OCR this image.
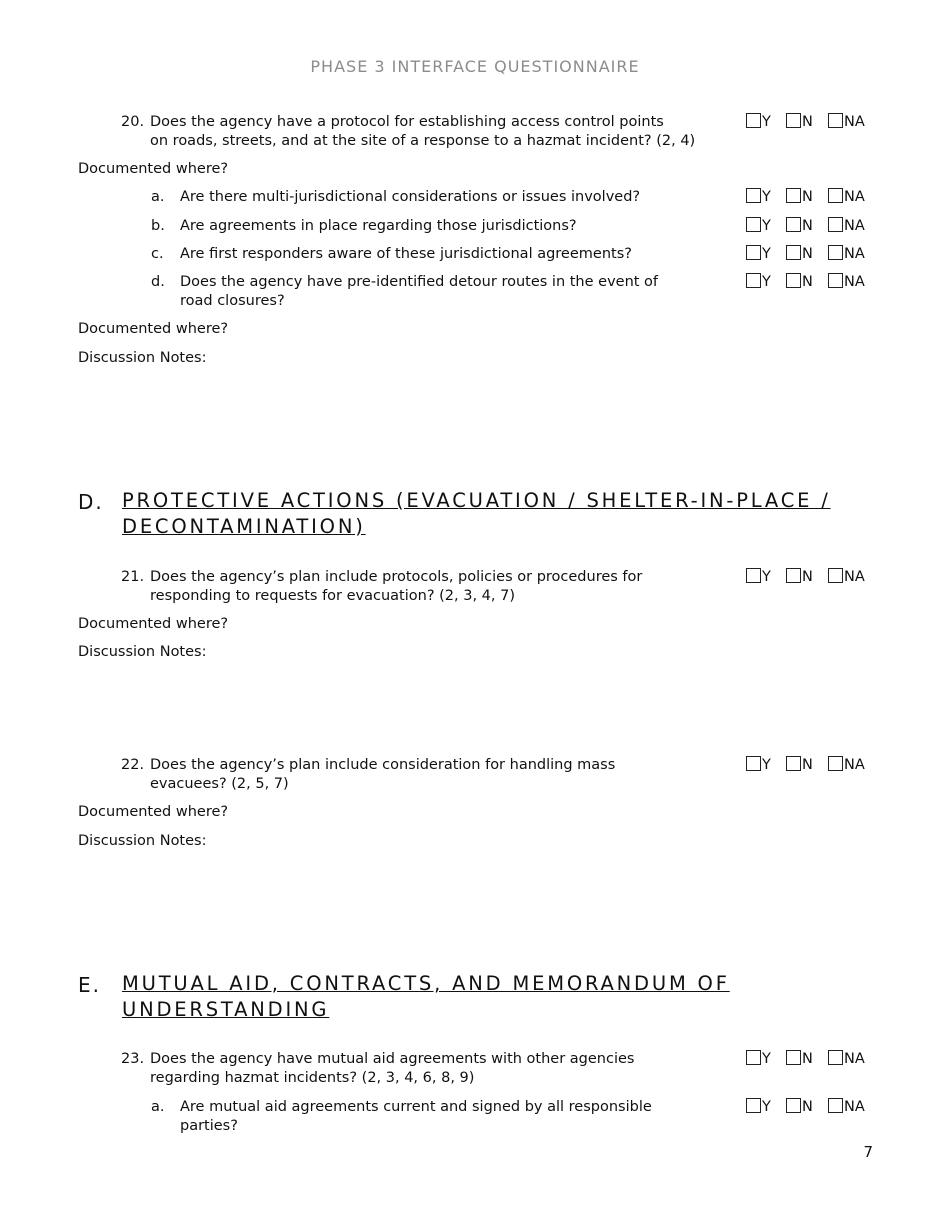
PHASE 3 INTERFACE QUESTIONNAIRE
20. Does the agency have a protocol for establishing access control points
on roads, streets, and at the site of a response to a hazmat incident? (2, 4)
Y	N	NA
Documented where?
a. Are there multi-jurisdictional considerations or issues involved?	Y	N	NA
b. Are agreements in place regarding those jurisdictions?	Y	N	NA
c. Are first responders aware of these jurisdictional agreements?	Y	N	NA
d. Does the agency have pre-identified detour routes in the event of
road closures?
Y	N	NA
Documented where?
Discussion Notes:
D. PROTECTIVE ACTIONS (EVACUATION / SHELTER-IN-PLACE /
DECONTAMINATION)
21. Does the agency’s plan include protocols, policies or procedures for
responding to requests for evacuation? (2, 3, 4, 7)
Y	N	NA
Documented where?
Discussion Notes:
22. Does the agency’s plan include consideration for handling mass
evacuees? (2, 5, 7)
Y	N	NA
Documented where?
Discussion Notes:
E. MUTUAL AID, CONTRACTS, AND MEMORANDUM OF
UNDERSTANDING
23. Does the agency have mutual aid agreements with other agencies
regarding hazmat incidents? (2, 3, 4, 6, 8, 9)
Y	N	NA
a. Are mutual aid agreements current and signed by all responsible
parties?
Y	N	NA
7
